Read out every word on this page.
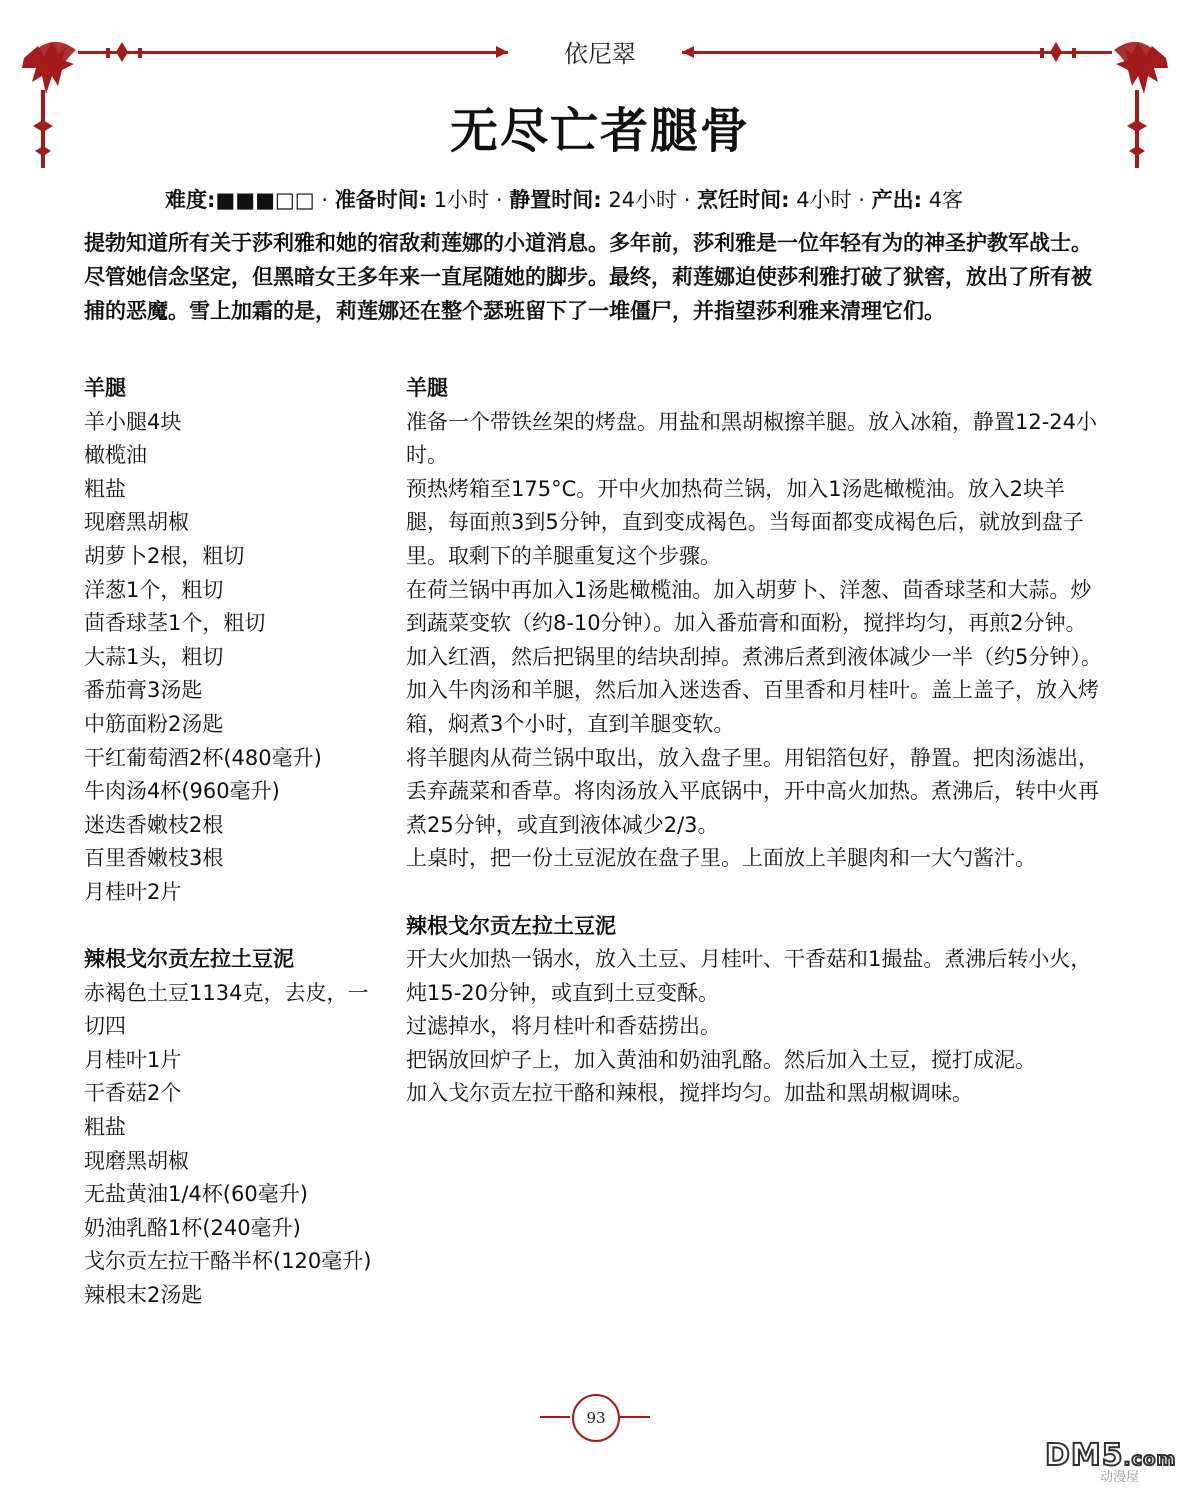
依尼翠
无尽亡者腿骨
难度:■■■□□ · 准备时间: 1小时 · 静置时间: 24小时 · 烹饪时间: 4小时 · 产出: 4客
提勃知道所有关于莎利雅和她的宿敌莉莲娜的小道消息。多年前，莎利雅是一位年轻有为的神圣护教军战士。尽管她信念坚定，但黑暗女王多年来一直尾随她的脚步。最终，莉莲娜迫使莎利雅打破了狱窖，放出了所有被捕的恶魔。雪上加霜的是，莉莲娜还在整个瑟班留下了一堆僵尸，并指望莎利雅来清理它们。
羊腿
羊小腿4块
橄榄油
粗盐
现磨黑胡椒
胡萝卜2根，粗切
洋葱1个，粗切
茴香球茎1个，粗切
大蒜1头，粗切
番茄膏3汤匙
中筋面粉2汤匙
干红葡萄酒2杯(480毫升)
牛肉汤4杯(960毫升)
迷迭香嫩枝2根
百里香嫩枝3根
月桂叶2片
辣根戈尔贡左拉土豆泥
赤褐色土豆1134克，去皮，一切四
月桂叶1片
干香菇2个
粗盐
现磨黑胡椒
无盐黄油1/4杯(60毫升)
奶油乳酪1杯(240毫升)
戈尔贡左拉干酪半杯(120毫升)
辣根末2汤匙
羊腿
准备一个带铁丝架的烤盘。用盐和黑胡椒擦羊腿。放入冰箱，静置12-24小时。
预热烤箱至175°C。开中火加热荷兰锅，加入1汤匙橄榄油。放入2块羊腿，每面煎3到5分钟，直到变成褐色。当每面都变成褐色后，就放到盘子里。取剩下的羊腿重复这个步骤。
在荷兰锅中再加入1汤匙橄榄油。加入胡萝卜、洋葱、茴香球茎和大蒜。炒到蔬菜变软（约8-10分钟）。加入番茄膏和面粉，搅拌均匀，再煎2分钟。
加入红酒，然后把锅里的结块刮掉。煮沸后煮到液体减少一半（约5分钟）。加入牛肉汤和羊腿，然后加入迷迭香、百里香和月桂叶。盖上盖子，放入烤箱，焖煮3个小时，直到羊腿变软。
将羊腿肉从荷兰锅中取出，放入盘子里。用铝箔包好，静置。把肉汤滤出，丢弃蔬菜和香草。将肉汤放入平底锅中，开中高火加热。煮沸后，转中火再煮25分钟，或直到液体减少2/3。
上桌时，把一份土豆泥放在盘子里。上面放上羊腿肉和一大勺酱汁。
辣根戈尔贡左拉土豆泥
开大火加热一锅水，放入土豆、月桂叶、干香菇和1撮盐。煮沸后转小火，炖15-20分钟，或直到土豆变酥。
过滤掉水，将月桂叶和香菇捞出。
把锅放回炉子上，加入黄油和奶油乳酪。然后加入土豆，搅打成泥。
加入戈尔贡左拉干酪和辣根，搅拌均匀。加盐和黑胡椒调味。
93
DM5.com
动漫屋
